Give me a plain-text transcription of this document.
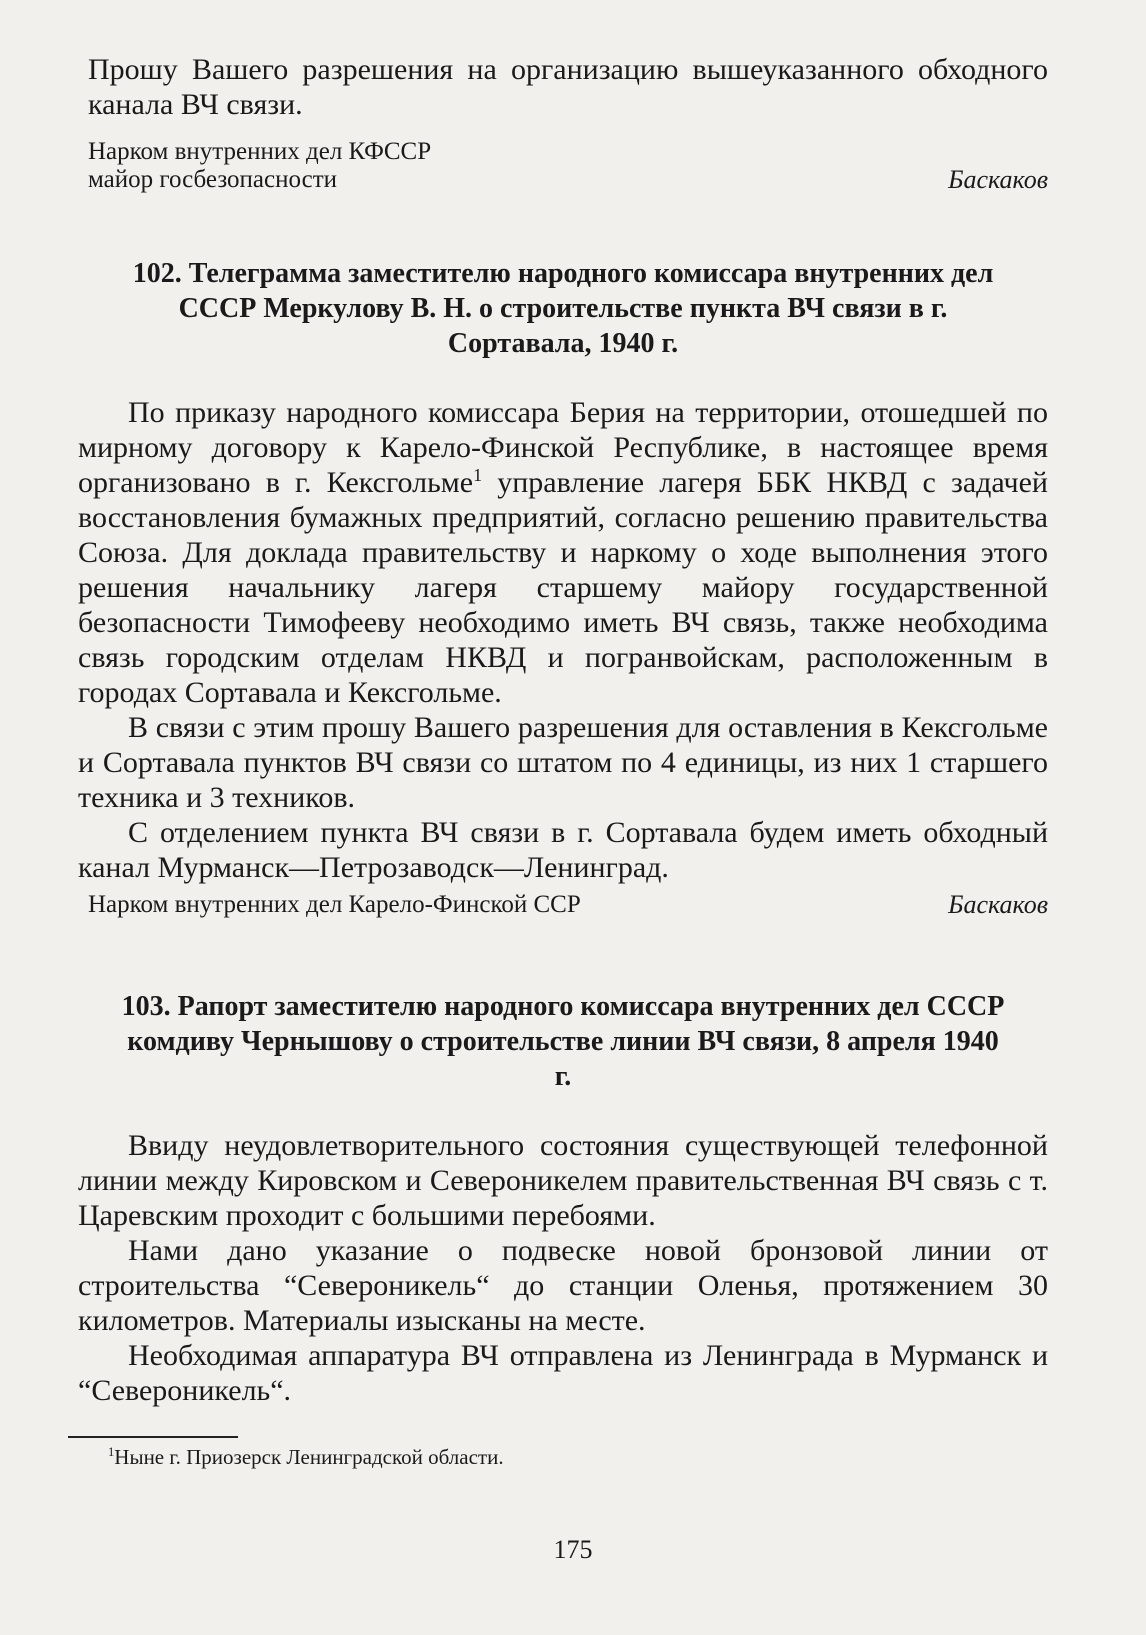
Прошу Вашего разрешения на организацию вышеуказанного обходного канала ВЧ связи.

Нарком внутренних дел КФССР
майор госбезопасности	Баскаков
102. Телеграмма заместителю народного комиссара внутренних дел СССР Меркулову В. Н. о строительстве пункта ВЧ связи в г. Сортавала, 1940 г.

По приказу народного комиссара Берия на территории, отошедшей по мирному договору к Карело-Финской Республике, в настоящее время организовано в г. Кексгольме$^1$ управление лагеря ББК НКВД с задачей восстановления бумажных предприятий, согласно решению правительства Союза. Для доклада правительству и наркому о ходе выполнения этого решения начальнику лагеря старшему майору государственной безопасности Тимофееву необходимо иметь ВЧ связь, также необходима связь городским отделам НКВД и погранвойскам, расположенным в городах Сортавала и Кексгольме.

В связи с этим прошу Вашего разрешения для оставления в Кексгольме и Сортавала пунктов ВЧ связи со штатом по 4 единицы, из них 1 старшего техника и 3 техников.

С отделением пункта ВЧ связи в г. Сортавала будем иметь обходный канал Мурманск—Петрозаводск—Ленинград.

Нарком внутренних дел Карело-Финской ССР	Баскаков
103. Рапорт заместителю народного комиссара внутренних дел СССР комдиву Чернышову о строительстве линии ВЧ связи, 8 апреля 1940 г.

Ввиду неудовлетворительного состояния существующей телефонной линии между Кировском и Североникелем правительственная ВЧ связь с т. Царевским проходит с большими перебоями.

Нами дано указание о подвеске новой бронзовой линии от строительства “Североникель“ до станции Оленья, протяжением 30 километров. Материалы изысканы на месте.

Необходимая аппаратура ВЧ отправлена из Ленинграда в Мурманск и “Североникель“.

$^1$Ныне г. Приозерск Ленинградской области.
175
